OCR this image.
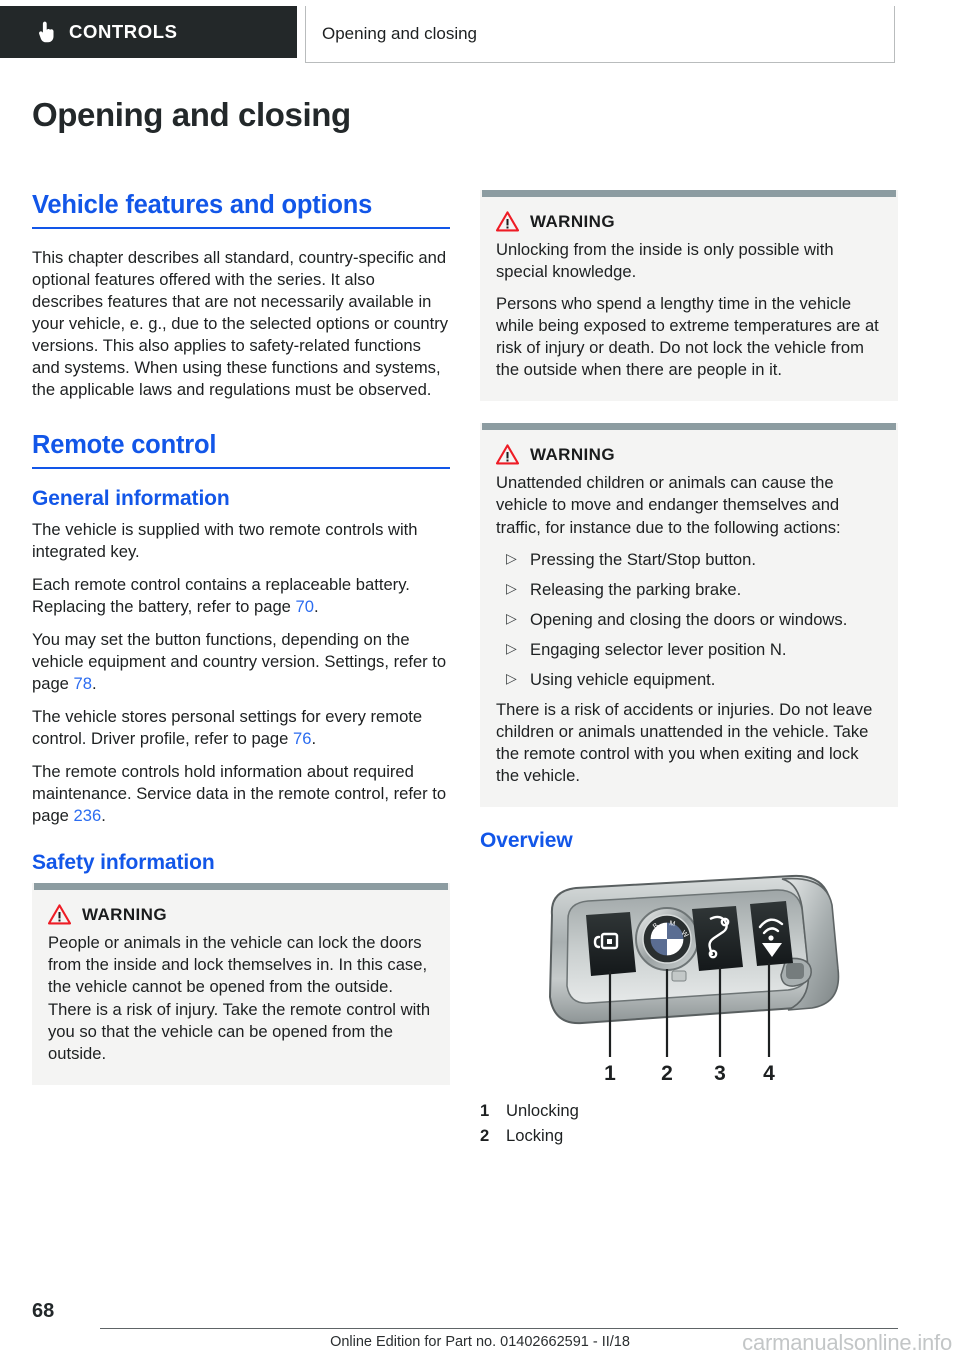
CONTROLS	Opening and closing
Opening and closing
Vehicle features and options

This chapter describes all standard, country-specific and optional features offered with the series. It also describes features that are not necessarily available in your vehicle, e. g., due to the selected options or country versions. This also applies to safety-related functions and systems. When using these functions and systems, the applicable laws and regulations must be observed.

Remote control
General information

The vehicle is supplied with two remote controls with integrated key.

Each remote control contains a replaceable battery. Replacing the battery, refer to page 70.

You may set the button functions, depending on the vehicle equipment and country version. Settings, refer to page 78.

The vehicle stores personal settings for every remote control. Driver profile, refer to page 76.

The remote controls hold information about required maintenance. Service data in the remote control, refer to page 236.

Safety information
WARNING

People or animals in the vehicle can lock the doors from the inside and lock themselves in. In this case, the vehicle cannot be opened from the outside. There is a risk of injury. Take the remote control with you so that the vehicle can be opened from the outside.

WARNING

Unlocking from the inside is only possible with special knowledge.

Persons who spend a lengthy time in the vehicle while being exposed to extreme temperatures are at risk of injury or death. Do not lock the vehicle from the outside when there are people in it.

WARNING

Unattended children or animals can cause the vehicle to move and endanger themselves and traffic, for instance due to the following actions:

▷ Pressing the Start/Stop button.
▷ Releasing the parking brake.
▷ Opening and closing the doors or windows.
▷ Engaging selector lever position N.
▷ Using vehicle equipment.

There is a risk of accidents or injuries. Do not leave children or animals unattended in the vehicle. Take the remote control with you when exiting and lock the vehicle.

Overview
B M
W
1 2 3 4
1	Unlocking
2	Locking
68
Online Edition for Part no. 01402662591 - II/18	carmanualsonline.info
